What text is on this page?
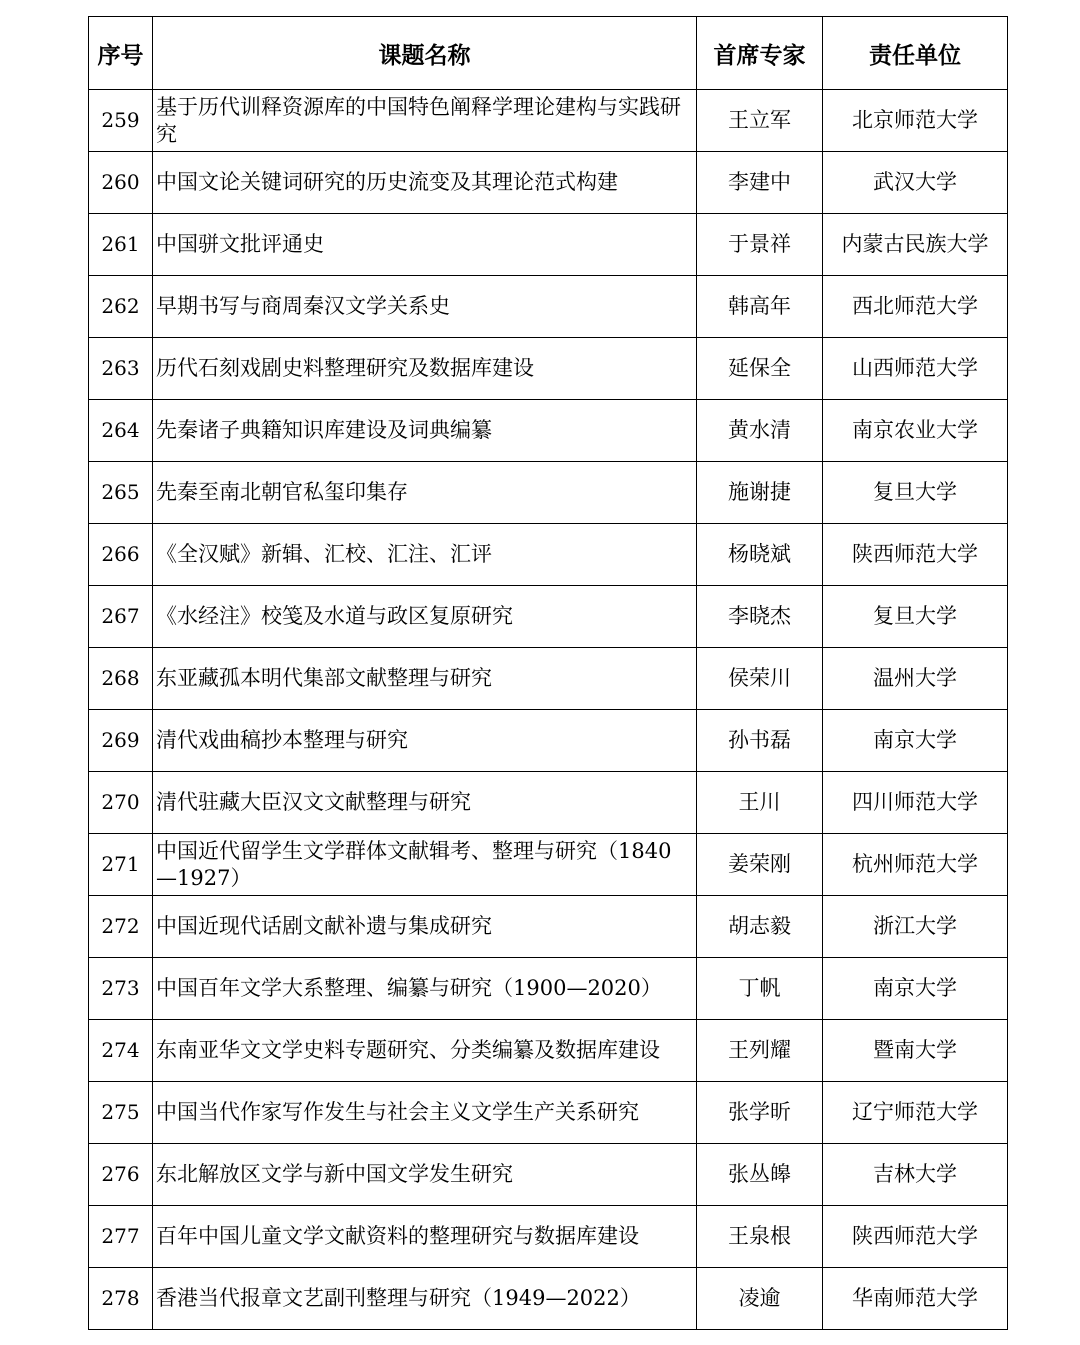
序号	课题名称	首席专家	责任单位
259	基于历代训释资源库的中国特色阐释学理论建构与实践研究	王立军	北京师范大学
260	中国文论关键词研究的历史流变及其理论范式构建	李建中	武汉大学
261	中国骈文批评通史	于景祥	内蒙古民族大学
262	早期书写与商周秦汉文学关系史	韩高年	西北师范大学
263	历代石刻戏剧史料整理研究及数据库建设	延保全	山西师范大学
264	先秦诸子典籍知识库建设及词典编纂	黄水清	南京农业大学
265	先秦至南北朝官私玺印集存	施谢捷	复旦大学
266	《全汉赋》新辑、汇校、汇注、汇评	杨晓斌	陕西师范大学
267	《水经注》校笺及水道与政区复原研究	李晓杰	复旦大学
268	东亚藏孤本明代集部文献整理与研究	侯荣川	温州大学
269	清代戏曲稿抄本整理与研究	孙书磊	南京大学
270	清代驻藏大臣汉文文献整理与研究	王川	四川师范大学
271	中国近代留学生文学群体文献辑考、整理与研究（1840—1927）	姜荣刚	杭州师范大学
272	中国近现代话剧文献补遗与集成研究	胡志毅	浙江大学
273	中国百年文学大系整理、编纂与研究（1900—2020）	丁帆	南京大学
274	东南亚华文文学史料专题研究、分类编纂及数据库建设	王列耀	暨南大学
275	中国当代作家写作发生与社会主义文学生产关系研究	张学昕	辽宁师范大学
276	东北解放区文学与新中国文学发生研究	张丛皞	吉林大学
277	百年中国儿童文学文献资料的整理研究与数据库建设	王泉根	陕西师范大学
278	香港当代报章文艺副刊整理与研究（1949—2022）	凌逾	华南师范大学
